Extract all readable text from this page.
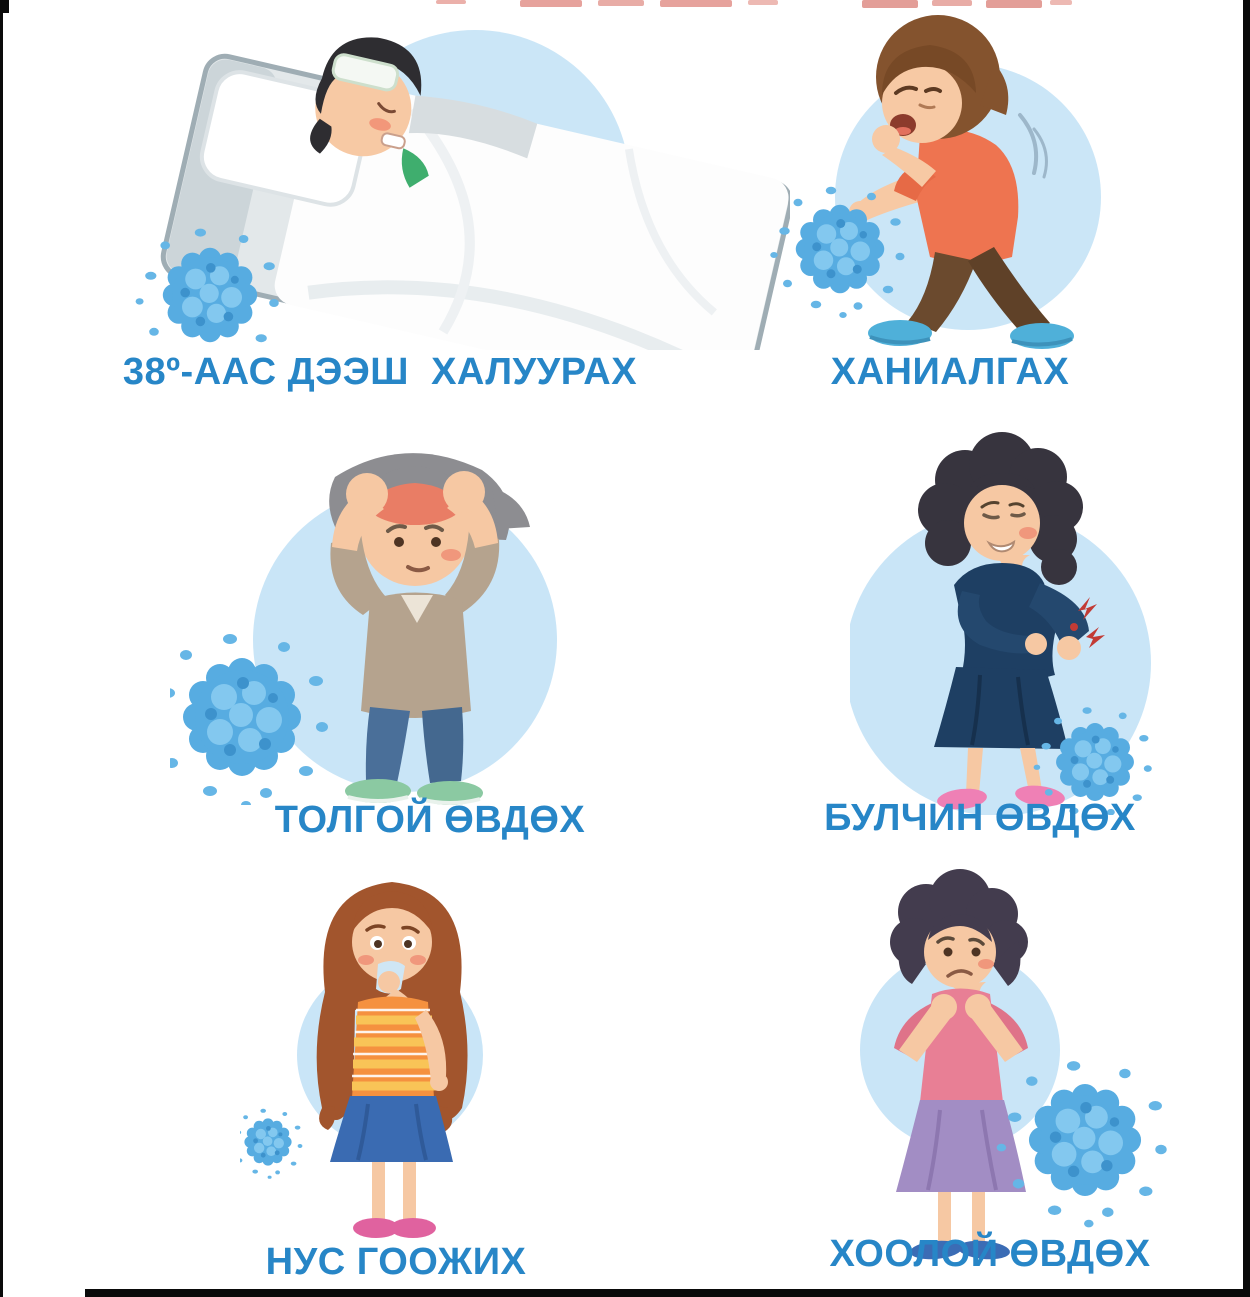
38º-ААС ДЭЭШ  ХАЛУУРАХ	ХАНИАЛГАХ
ТОЛГОЙ ӨВДӨХ	БУЛЧИН ӨВДӨХ
НУС ГООЖИХ	ХООЛОЙ ӨВДӨХ
